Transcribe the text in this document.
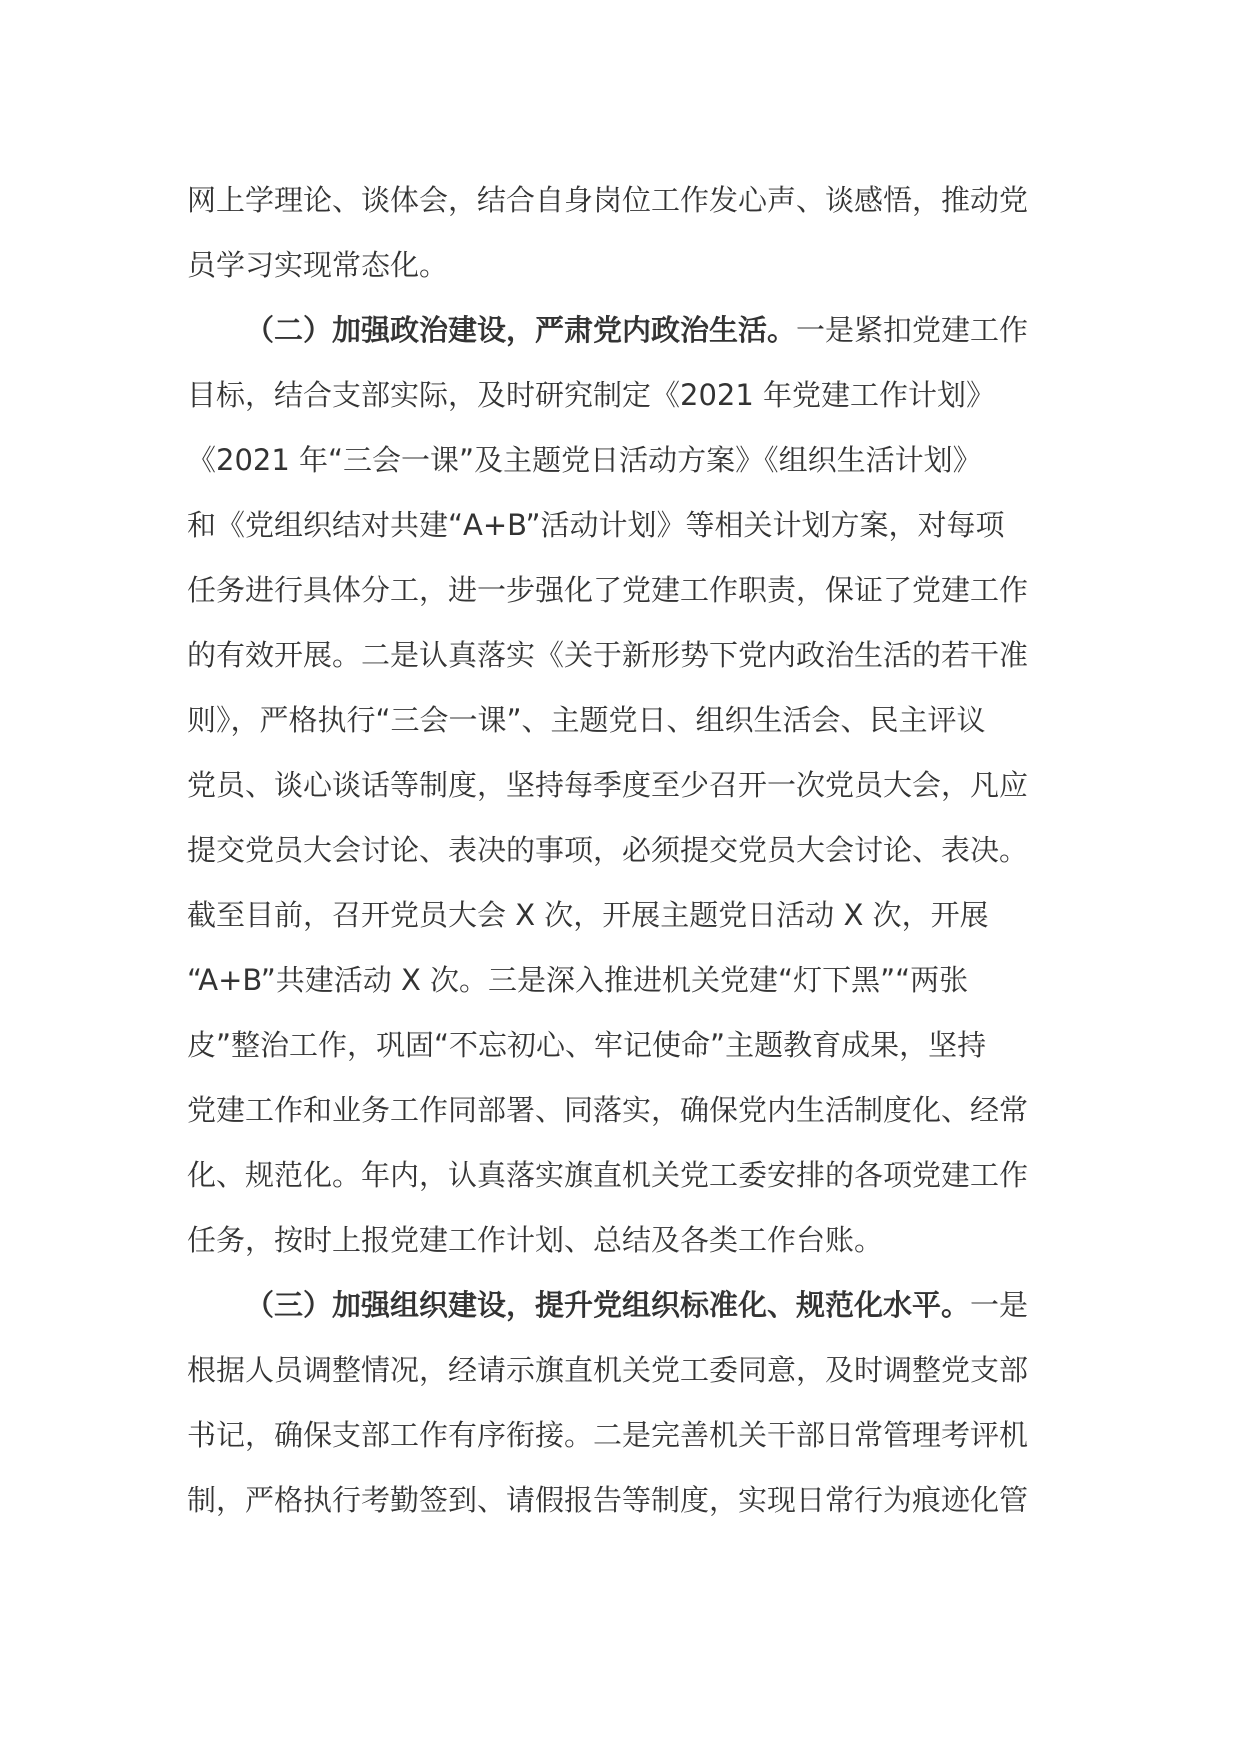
网上学理论、谈体会，结合自身岗位工作发心声、谈感悟，推动党
员学习实现常态化。
（二）加强政治建设，严肃党内政治生活。一是紧扣党建工作
目标，结合支部实际，及时研究制定《2021 年党建工作计划》
《2021 年“三会一课”及主题党日活动方案》《组织生活计划》
和《党组织结对共建“A+B”活动计划》等相关计划方案，对每项
任务进行具体分工，进一步强化了党建工作职责，保证了党建工作
的有效开展。二是认真落实《关于新形势下党内政治生活的若干准
则》，严格执行“三会一课”、主题党日、组织生活会、民主评议
党员、谈心谈话等制度，坚持每季度至少召开一次党员大会，凡应
提交党员大会讨论、表决的事项，必须提交党员大会讨论、表决。
截至目前，召开党员大会 X 次，开展主题党日活动 X 次，开展
“A+B”共建活动 X 次。三是深入推进机关党建“灯下黑”“两张
皮”整治工作，巩固“不忘初心、牢记使命”主题教育成果，坚持
党建工作和业务工作同部署、同落实，确保党内生活制度化、经常
化、规范化。年内，认真落实旗直机关党工委安排的各项党建工作
任务，按时上报党建工作计划、总结及各类工作台账。
（三）加强组织建设，提升党组织标准化、规范化水平。一是
根据人员调整情况，经请示旗直机关党工委同意，及时调整党支部
书记，确保支部工作有序衔接。二是完善机关干部日常管理考评机
制，严格执行考勤签到、请假报告等制度，实现日常行为痕迹化管
